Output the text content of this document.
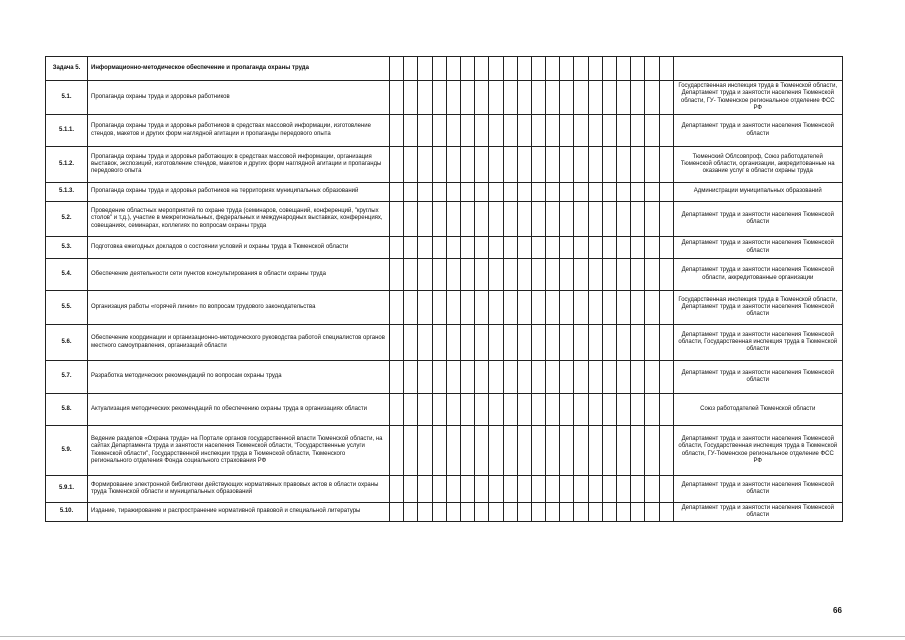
Задача 5.	Информационно-методическое обеспечение и пропаганда охраны труда																					
5.1.	Пропаганда охраны труда и здоровья работников																					Государственная инспекция труда в Тюменской области, Департамент труда и занятости населения Тюменской области, ГУ- Тюменское региональное отделение ФСС РФ
5.1.1.	Пропаганда охраны труда и здоровья работников в средствах массовой информации, изготовление стендов, макетов и других форм наглядной агитации и пропаганды передового опыта																					Департамент труда и занятости населения Тюменской области
5.1.2.	Пропаганда охраны труда и здоровья работающих в средствах массовой информации, организация выставок, экспозиций, изготовление стендов, макетов и других форм наглядной агитации и пропаганды передового опыта																					Тюменский Облсовпроф, Союз работодателей Тюменской области, организации, аккредитованные на оказание услуг в области охраны труда
5.1.3.	Пропаганда охраны труда и здоровья работников на территориях муниципальных образований																					Администрации муниципальных образований
5.2.	Проведение областных мероприятий по охране труда (семинаров, совещаний, конференций, "круглых столов" и т.д.), участие в межрегиональных, федеральных и международных выставках, конференциях, совещаниях, семинарах, коллегиях по вопросам охраны труда																					Департамент труда и занятости населения Тюменской области
5.3.	Подготовка ежегодных докладов о состоянии условий и охраны труда в Тюменской области																					Департамент труда и занятости населения Тюменской области
5.4.	Обеспечение деятельности сети пунктов консультирования в области охраны труда																					Департамент труда и занятости населения Тюменской области, аккредитованные организации
5.5.	Организация работы «горячей линии» по вопросам трудового законодательства																					Государственная инспекция труда в Тюменской области, Департамент труда и занятости населения Тюменской области
5.6.	Обеспечение координации и организационно-методического руководства работой специалистов органов местного самоуправления, организаций области																					Департамент труда и занятости населения Тюменской области, Государственная инспекция труда в Тюменской области
5.7.	Разработка методических рекомендаций по вопросам охраны труда																					Департамент труда и занятости населения Тюменской области
5.8.	Актуализация методических рекомендаций по обеспечению охраны труда в организациях области																					Союз работодателей Тюменской области
5.9.	Ведение разделов «Охрана труда» на Портале органов государственной власти Тюменской области, на сайтах Департамента труда и занятости населения Тюменской области, "Государственные услуги Тюменской области", Государственной инспекции труда в Тюменской области, Тюменского регионального отделения Фонда социального страхования РФ																					Департамент труда и занятости населения Тюменской области, Государственная инспекция труда в Тюменской области, ГУ-Тюменское региональное отделение ФСС РФ
5.9.1.	Формирование электронной библиотеки действующих нормативных правовых актов в области охраны труда Тюменской области и муниципальных образований																					Департамент труда и занятости населения Тюменской области
5.10.	Издание, тиражирование и распространение нормативной правовой и специальной литературы																					Департамент труда и занятости населения Тюменской области
66
